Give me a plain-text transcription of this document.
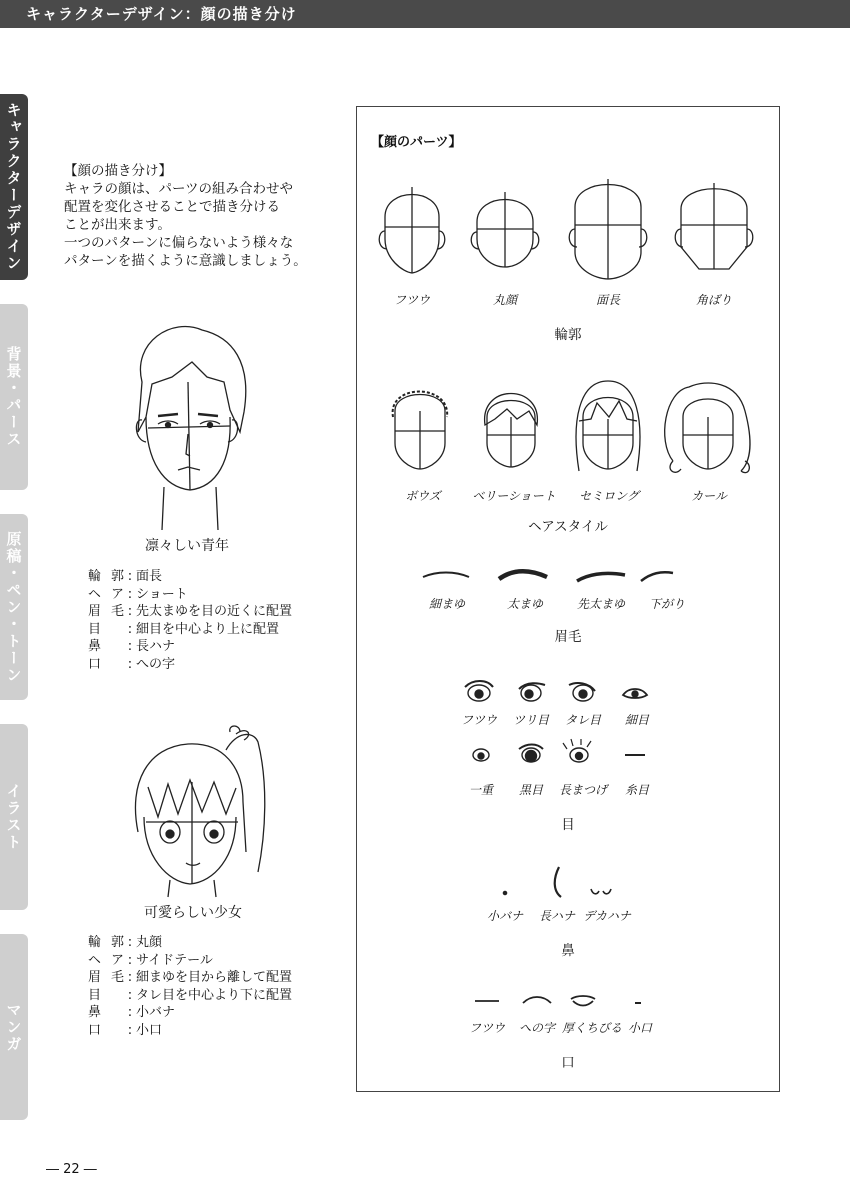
キャラクターデザイン：顔の描き分け
キャラクターデザイン
背景・パース
原稿・ペン・トーン
イラスト
マンガ
【顔の描き分け】
キャラの顔は、パーツの組み合わせや
配置を変化させることで描き分ける
ことが出来ます。
一つのパターンに偏らないよう様々な
パターンを描くように意識しましょう。
凛々しい青年
輪郭 : 面長
ヘア : ショート
眉毛 : 先太まゆを目の近くに配置
目	: 細目を中心より上に配置
鼻	: 長ハナ
口	: への字
可愛らしい少女
輪郭 : 丸顔
ヘア : サイドテール
眉毛 : 細まゆを目から離して配置
目	: タレ目を中心より下に配置
鼻	: 小バナ
口	: 小口
【顔のパーツ】
フツウ	丸顔	面長	角ばり
輪郭
ボウズ	ベリーショート	セミロング	カール
ヘアスタイル
細まゆ	太まゆ	先太まゆ	下がり
眉毛
フツウ	ツリ目	タレ目	細目
一重	黒目	長まつげ	糸目
目
小バナ	長ハナ デカハナ
鼻
フツウ	への字 厚くちびる 小口
口
― 22 ―
